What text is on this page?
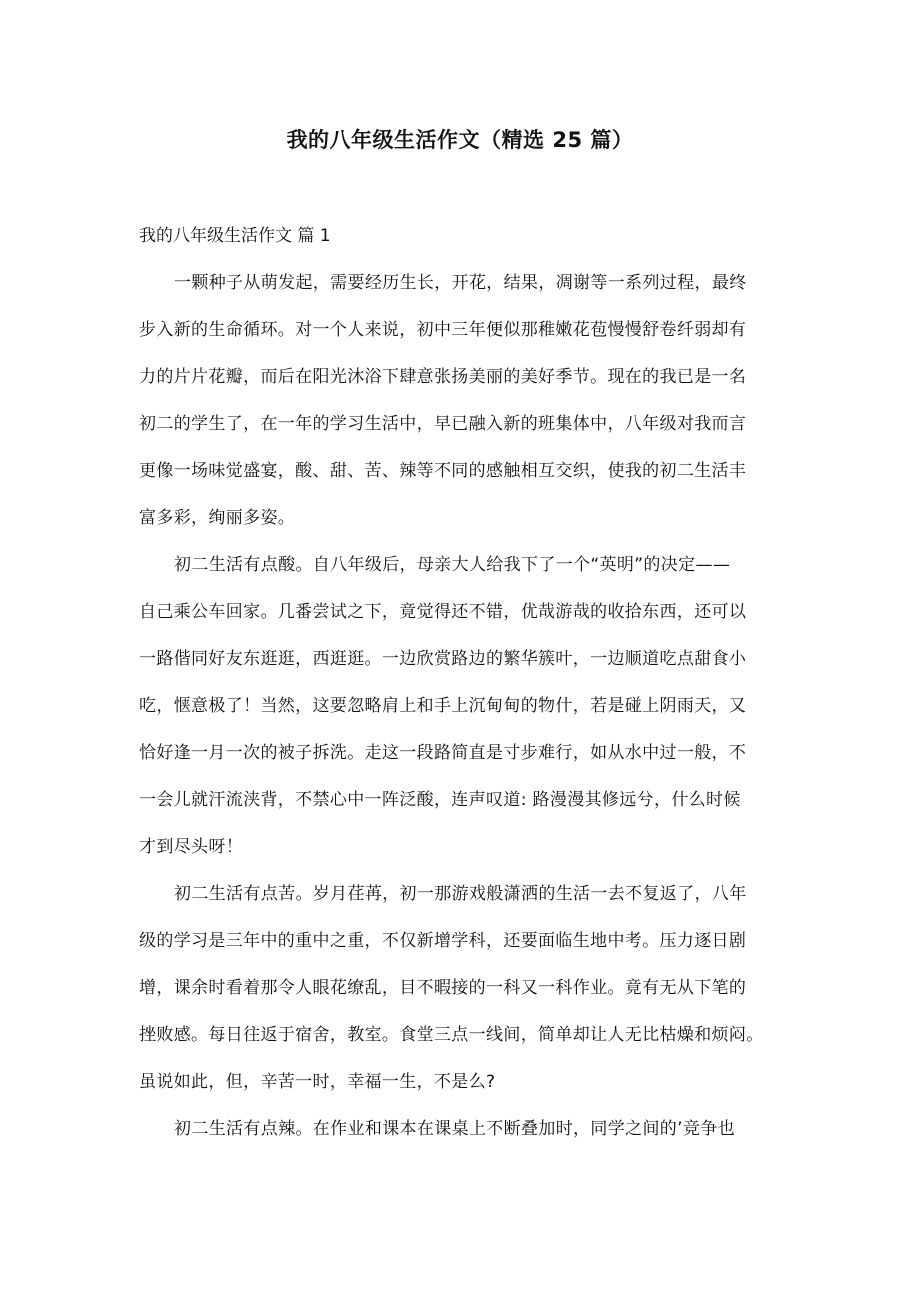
我的八年级生活作文（精选 25 篇）
我的八年级生活作文 篇 1
一颗种子从萌发起，需要经历生长，开花，结果，凋谢等一系列过程，最终
步入新的生命循环。对一个人来说，初中三年便似那稚嫩花苞慢慢舒卷纤弱却有
力的片片花瓣，而后在阳光沐浴下肆意张扬美丽的美好季节。现在的我已是一名
初二的学生了，在一年的学习生活中，早已融入新的班集体中，八年级对我而言
更像一场味觉盛宴，酸、甜、苦、辣等不同的感触相互交织，使我的初二生活丰
富多彩，绚丽多姿。
初二生活有点酸。自八年级后，母亲大人给我下了一个“英明”的决定——
自己乘公车回家。几番尝试之下，竟觉得还不错，优哉游哉的收拾东西，还可以
一路偕同好友东逛逛，西逛逛。一边欣赏路边的繁华簇叶，一边顺道吃点甜食小
吃，惬意极了！当然，这要忽略肩上和手上沉甸甸的物什，若是碰上阴雨天，又
恰好逢一月一次的被子拆洗。走这一段路简直是寸步难行，如从水中过一般，不
一会儿就汗流浃背，不禁心中一阵泛酸，连声叹道: 路漫漫其修远兮，什么时候
才到尽头呀！
初二生活有点苦。岁月荏苒，初一那游戏般潇洒的生活一去不复返了，八年
级的学习是三年中的重中之重，不仅新增学科，还要面临生地中考。压力逐日剧
增，课余时看着那令人眼花缭乱，目不暇接的一科又一科作业。竟有无从下笔的
挫败感。每日往返于宿舍，教室。食堂三点一线间，简单却让人无比枯燥和烦闷。
虽说如此，但，辛苦一时，幸福一生，不是么?
初二生活有点辣。在作业和课本在课桌上不断叠加时，同学之间的’竞争也
